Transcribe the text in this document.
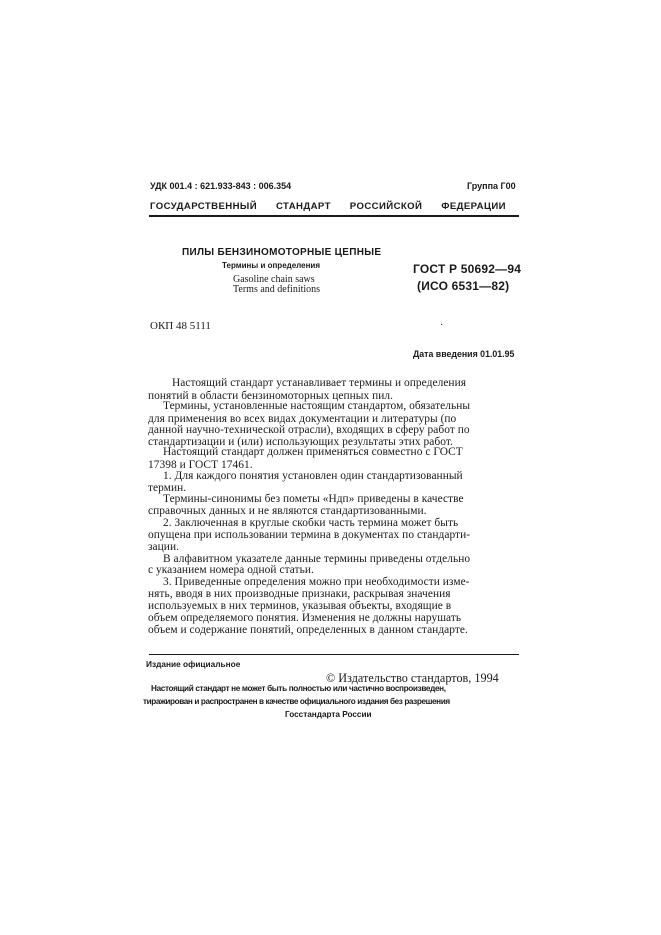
УДК 001.4 : 621.933-843 : 006.354	Группа Г00
ГОСУДАРСТВЕННЫЙ СТАНДАРТ РОССИЙСКОЙ ФЕДЕРАЦИИ
ПИЛЫ БЕНЗИНОМОТОРНЫЕ ЦЕПНЫЕ
Термины и определения
Gasoline chain saws
Terms and definitions
ГОСТ Р 50692—94
(ИСО 6531—82)
ОКП 48 5111	·
Дата введения 01.01.95
Настоящий стандарт устанавливает термины и определения
понятий в области бензиномоторных цепных пил.
Термины, установленные настоящим стандартом, обязательны
для применения во всех видах документации и литературы (по
данной научно-технической отрасли), входящих в сферу работ по
стандартизации и (или) использующих результаты этих работ.
Настоящий стандарт должен применяться совместно с ГОСТ
17398 и ГОСТ 17461.
1. Для каждого понятия установлен один стандартизованный
термин.
Термины-синонимы без пометы «Ндп» приведены в качестве
справочных данных и не являются стандартизованными.
2. Заключенная в круглые скобки часть термина может быть
опущена при использовании термина в документах по стандарти-
зации.
В алфавитном указателе данные термины приведены отдельно
с указанием номера одной статьи.
3. Приведенные определения можно при необходимости изме-
нять, вводя в них производные признаки, раскрывая значения
используемых в них терминов, указывая объекты, входящие в
объем определяемого понятия. Изменения не должны нарушать
объем и содержание понятий, определенных в данном стандарте.
Издание официальное
© Издательство стандартов, 1994
Настоящий стандарт не может быть полностью или частично воспроизведен,
тиражирован и распространен в качестве официального издания без разрешения
Госстандарта России
